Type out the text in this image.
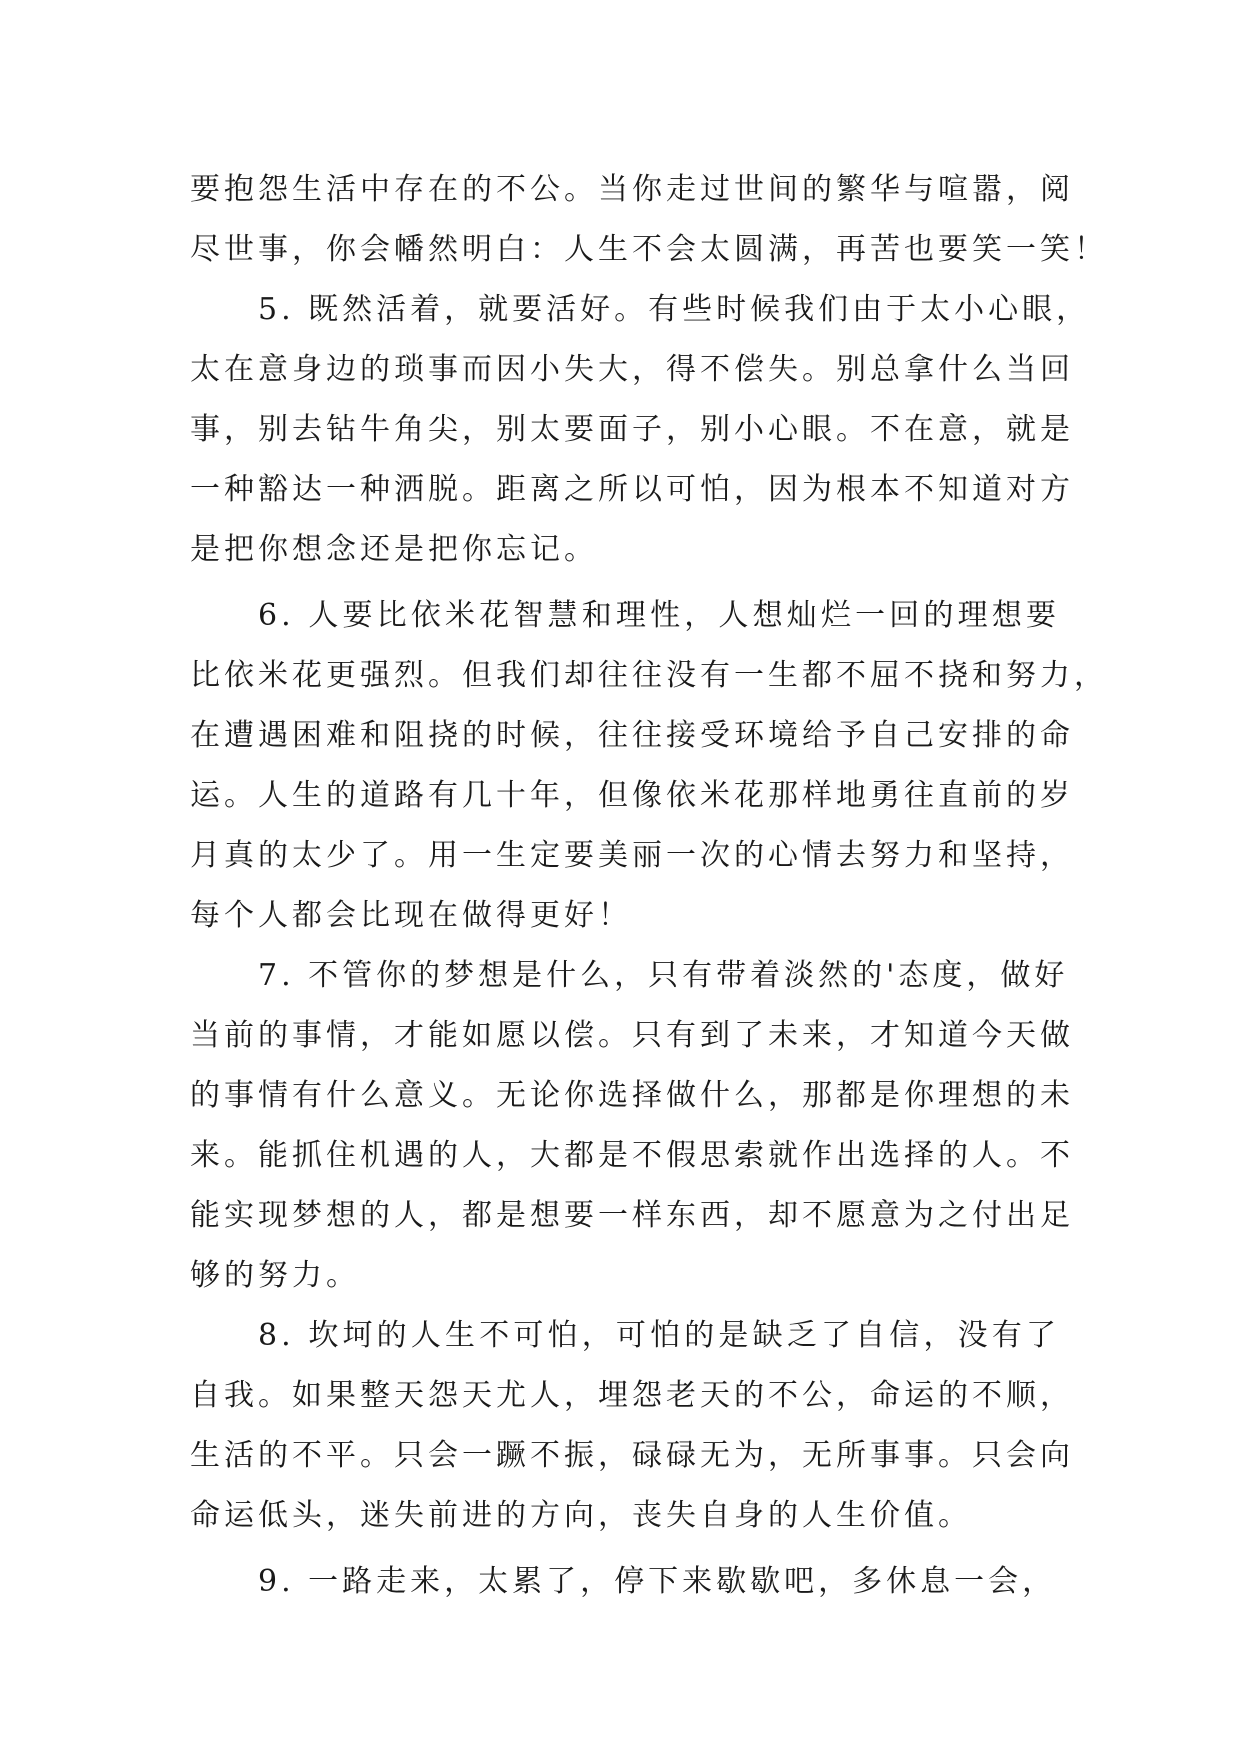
要抱怨生活中存在的不公。当你走过世间的繁华与喧嚣，阅
尽世事，你会幡然明白：人生不会太圆满，再苦也要笑一笑！
5. 既然活着，就要活好。有些时候我们由于太小心眼，
太在意身边的琐事而因小失大，得不偿失。别总拿什么当回
事，别去钻牛角尖，别太要面子，别小心眼。不在意，就是
一种豁达一种洒脱。距离之所以可怕，因为根本不知道对方
是把你想念还是把你忘记。
6. 人要比依米花智慧和理性，人想灿烂一回的理想要
比依米花更强烈。但我们却往往没有一生都不屈不挠和努力，
在遭遇困难和阻挠的时候，往往接受环境给予自己安排的命
运。人生的道路有几十年，但像依米花那样地勇往直前的岁
月真的太少了。用一生定要美丽一次的心情去努力和坚持，
每个人都会比现在做得更好！
7. 不管你的梦想是什么，只有带着淡然的'态度，做好
当前的事情，才能如愿以偿。只有到了未来，才知道今天做
的事情有什么意义。无论你选择做什么，那都是你理想的未
来。能抓住机遇的人，大都是不假思索就作出选择的人。不
能实现梦想的人，都是想要一样东西，却不愿意为之付出足
够的努力。
8. 坎坷的人生不可怕，可怕的是缺乏了自信，没有了
自我。如果整天怨天尤人，埋怨老天的不公，命运的不顺，
生活的不平。只会一蹶不振，碌碌无为，无所事事。只会向
命运低头，迷失前进的方向，丧失自身的人生价值。
9. 一路走来，太累了，停下来歇歇吧，多休息一会，
